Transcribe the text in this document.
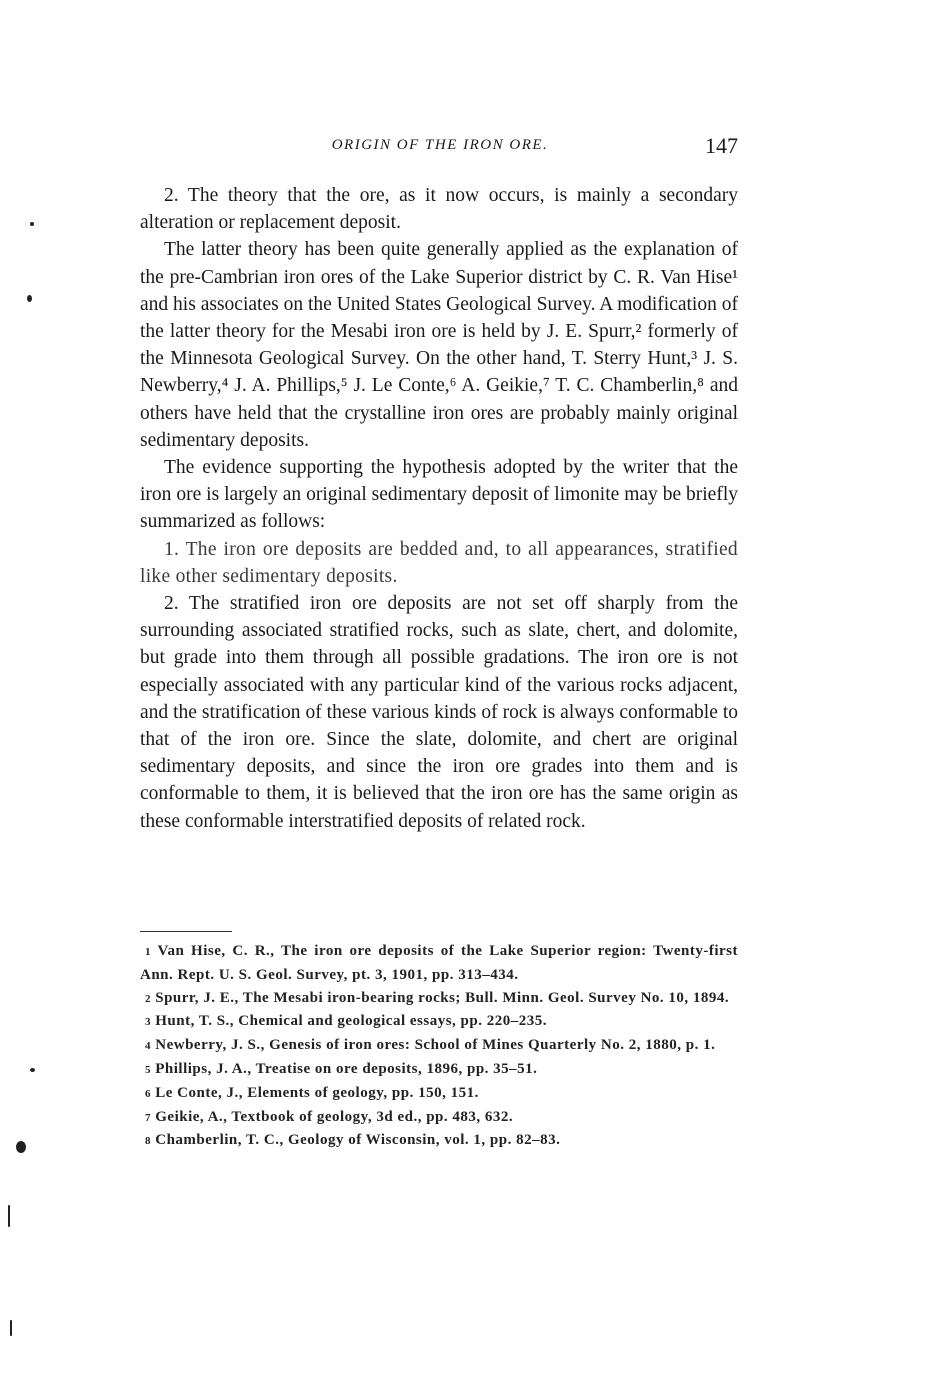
ORIGIN OF THE IRON ORE.	147

2. The theory that the ore, as it now occurs, is mainly a secondary alteration or replacement deposit.

The latter theory has been quite generally applied as the explanation of the pre-Cambrian iron ores of the Lake Superior district by C. R. Van Hise¹ and his associates on the United States Geological Survey. A modification of the latter theory for the Mesabi iron ore is held by J. E. Spurr,² formerly of the Minnesota Geological Survey. On the other hand, T. Sterry Hunt,³ J. S. Newberry,⁴ J. A. Phillips,⁵ J. Le Conte,⁶ A. Geikie,⁷ T. C. Chamberlin,⁸ and others have held that the crystalline iron ores are probably mainly original sedimentary deposits.

The evidence supporting the hypothesis adopted by the writer that the iron ore is largely an original sedimentary deposit of limonite may be briefly summarized as follows:

1. The iron ore deposits are bedded and, to all appearances, stratified like other sedimentary deposits.

2. The stratified iron ore deposits are not set off sharply from the surrounding associated stratified rocks, such as slate, chert, and dolomite, but grade into them through all possible gradations. The iron ore is not especially associated with any particular kind of the various rocks adjacent, and the stratification of these various kinds of rock is always conformable to that of the iron ore. Since the slate, dolomite, and chert are original sedimentary deposits, and since the iron ore grades into them and is conformable to them, it is believed that the iron ore has the same origin as these conformable interstratified deposits of related rock.

1 Van Hise, C. R., The iron ore deposits of the Lake Superior region: Twenty-first Ann. Rept. U. S. Geol. Survey, pt. 3, 1901, pp. 313–434.

2 Spurr, J. E., The Mesabi iron-bearing rocks; Bull. Minn. Geol. Survey No. 10, 1894.

3 Hunt, T. S., Chemical and geological essays, pp. 220–235.

4 Newberry, J. S., Genesis of iron ores: School of Mines Quarterly No. 2, 1880, p. 1.

5 Phillips, J. A., Treatise on ore deposits, 1896, pp. 35–51.

6 Le Conte, J., Elements of geology, pp. 150, 151.

7 Geikie, A., Textbook of geology, 3d ed., pp. 483, 632.

8 Chamberlin, T. C., Geology of Wisconsin, vol. 1, pp. 82–83.
